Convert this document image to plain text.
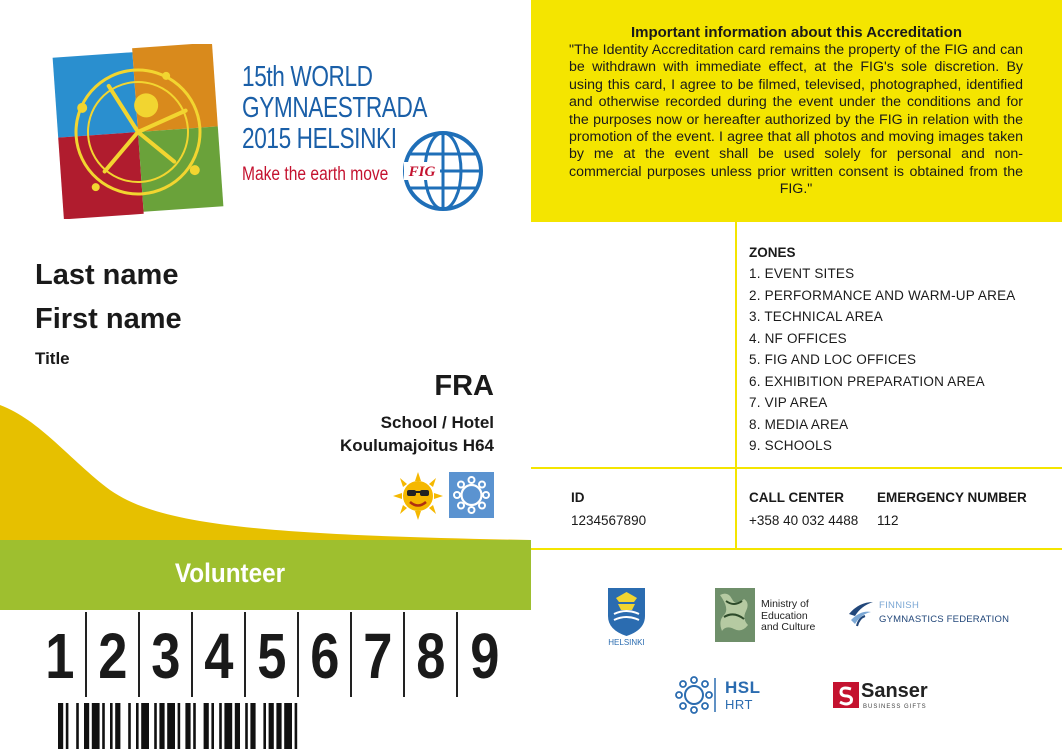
15th WORLD
GYMNAESTRADA
2015 HELSINKI
Make the earth move FIG
Last name
First name
Title
FRA
School / Hotel
Koulumajoitus H64
Volunteer
1 2 3 4 5 6 7 8 9
Important information about this Accreditation
"The Identity Accreditation card remains the property of the FIG and can be withdrawn with immediate effect, at the FIG's sole discretion. By using this card, I agree to be filmed, televised, photographed, identified and otherwise recorded during the event under the conditions and for the purposes now or hereafter authorized by the FIG in relation with the promotion of the event. I agree that all photos and moving images taken by me at the event shall be used solely for personal and non-commercial purposes unless prior written consent is obtained from the FIG."
ZONES
1. EVENT SITES
2. PERFORMANCE AND WARM-UP AREA
3. TECHNICAL AREA
4. NF OFFICES
5. FIG AND LOC OFFICES
6. EXHIBITION PREPARATION AREA
7. VIP AREA
8. MEDIA AREA
9. SCHOOLS
ID
1234567890
CALL CENTER
+358 40 032 4488
EMERGENCY NUMBER
112
HELSINKI
Ministry of
Education
and Culture
FINNISH
GYMNASTICS FEDERATION
HSL
HRT
Sanser
BUSINESS GIFTS
